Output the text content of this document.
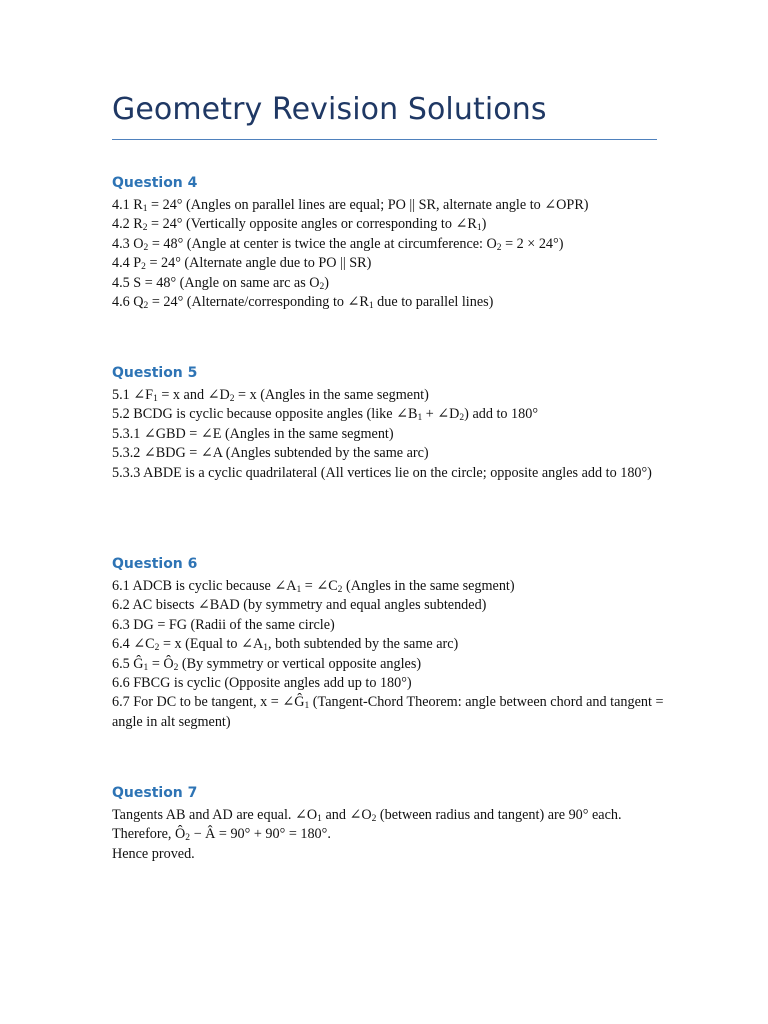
Geometry Revision Solutions
Question 4
4.1 $R_1 = 24^\circ$ (Angles on parallel lines are equal; PO || SR, alternate angle to ∠OPR)
4.2 $R_2 = 24^\circ$ (Vertically opposite angles or corresponding to $\angle R_1$)
4.3 $O_2 = 48^\circ$ (Angle at center is twice the angle at circumference: $O_2 = 2 \times 24^\circ$)
4.4 $P_2 = 24^\circ$ (Alternate angle due to PO || SR)
4.5 S = 48° (Angle on same arc as $O_2$)
4.6 $Q_2 = 24^\circ$ (Alternate/corresponding to $\angle R_1$ due to parallel lines)
Question 5
5.1 $\angle F_1 = x$ and $\angle D_2 = x$ (Angles in the same segment)
5.2 BCDG is cyclic because opposite angles (like $\angle B_1$ + $\angle D_2$) add to 180°
5.3.1 ∠GBD = ∠E (Angles in the same segment)
5.3.2 ∠BDG = ∠A (Angles subtended by the same arc)
5.3.3 ABDE is a cyclic quadrilateral (All vertices lie on the circle; opposite angles add to 180°)
Question 6
6.1 ADCB is cyclic because $\angle A_1$ = $\angle C_2$ (Angles in the same segment)
6.2 AC bisects ∠BAD (by symmetry and equal angles subtended)
6.3 DG = FG (Radii of the same circle)
6.4 $\angle C_2 = x$ (Equal to $\angle A_1$, both subtended by the same arc)
6.5 $Ĝ_1$ = $Ô_2$ (By symmetry or vertical opposite angles)
6.6 FBCG is cyclic (Opposite angles add up to 180°)
6.7 For DC to be tangent, $x = \angle Ĝ_1$ (Tangent-Chord Theorem: angle between chord and tangent = angle in alt segment)
Question 7
Tangents AB and AD are equal. $\angle O_1$ and $\angle O_2$ (between radius and tangent) are 90° each.
Therefore, $Ô_2$ − Â = 90° + 90° = 180°.
Hence proved.
